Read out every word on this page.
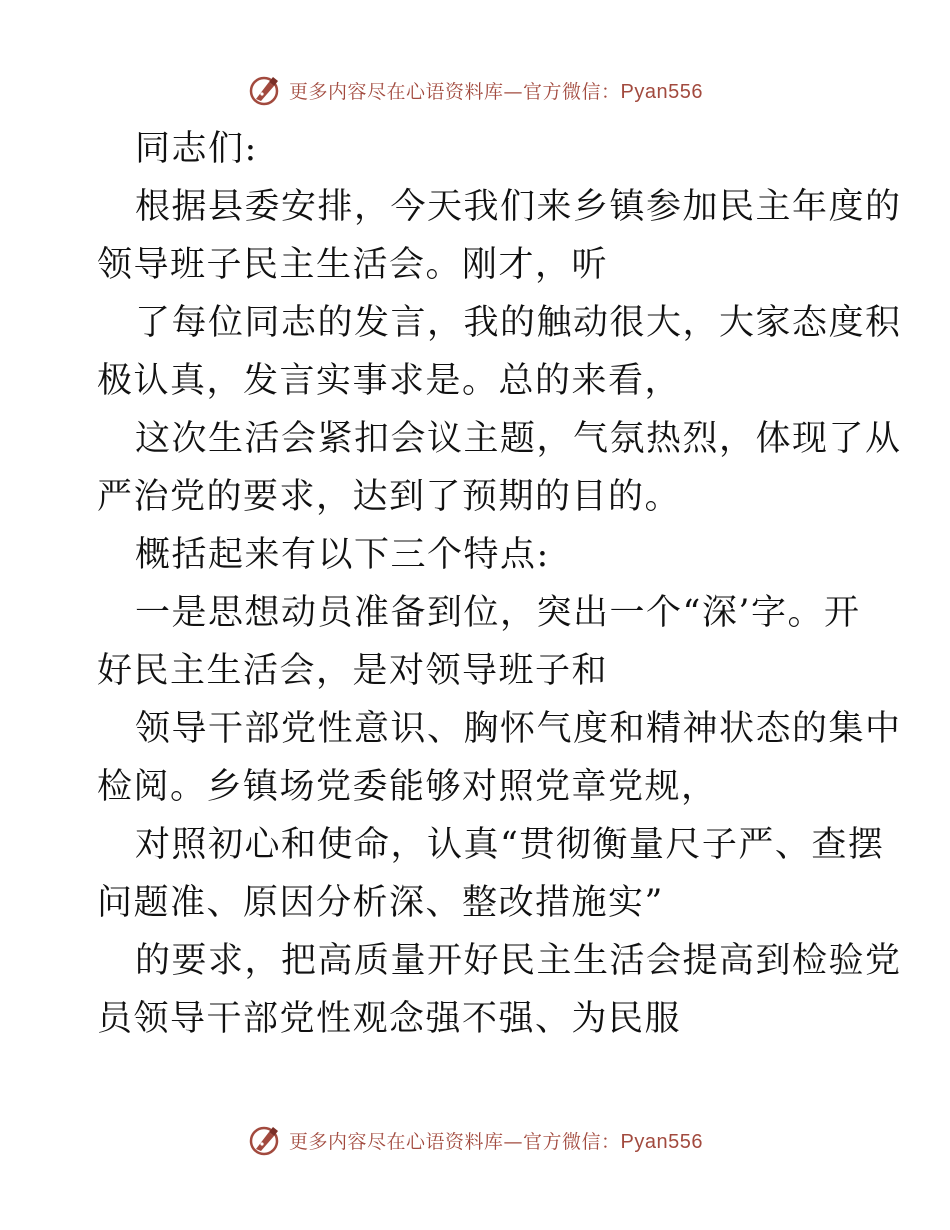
更多内容尽在心语资料库—官方微信：Pyan556
同志们:
根据县委安排，今天我们来乡镇参加民主年度的
领导班子民主生活会。刚才，听
了每位同志的发言，我的触动很大，大家态度积
极认真，发言实事求是。总的来看，
这次生活会紧扣会议主题，气氛热烈，体现了从
严治党的要求，达到了预期的目的。
概括起来有以下三个特点:
一是思想动员准备到位，突出一个“深’字。开
好民主生活会，是对领导班子和
领导干部党性意识、胸怀气度和精神状态的集中
检阅。乡镇场党委能够对照党章党规，
对照初心和使命，认真“贯彻衡量尺子严、查摆
问题准、原因分析深、整改措施实”
的要求，把高质量开好民主生活会提高到检验党
员领导干部党性观念强不强、为民服
更多内容尽在心语资料库—官方微信：Pyan556
